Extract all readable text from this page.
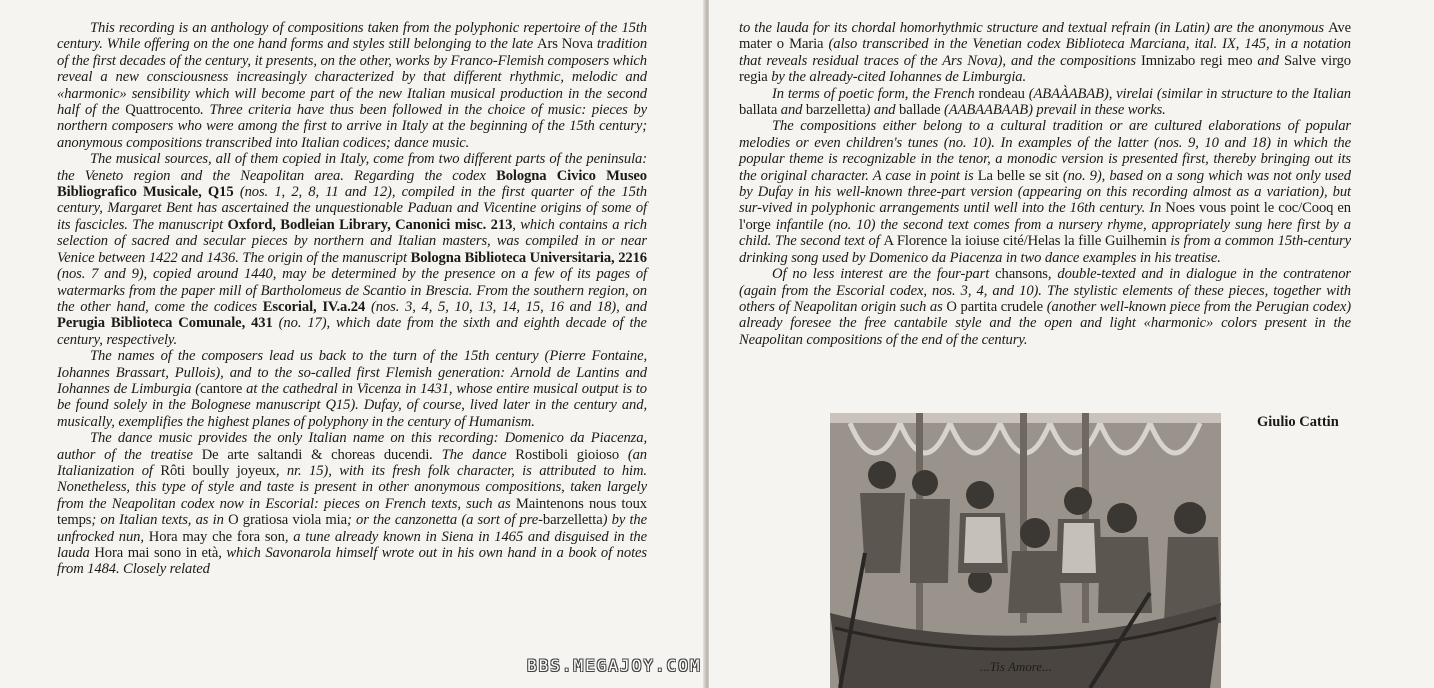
This recording is an anthology of compositions taken from the polyphonic repertoire of the 15th century. While offering on the one hand forms and styles still belonging to the late Ars Nova tradition of the first decades of the century, it presents, on the other, works by Franco-Flemish composers which reveal a new consciousness increasingly characterized by that different rhythmic, melodic and «harmonic» sensibility which will become part of the new Italian musical production in the second half of the Quattrocento. Three criteria have thus been followed in the choice of music: pieces by northern composers who were among the first to arrive in Italy at the beginning of the 15th century; anonymous compositions transcribed into Italian codices; dance music.

The musical sources, all of them copied in Italy, come from two different parts of the peninsula: the Veneto region and the Neapolitan area. Regarding the codex Bologna Civico Museo Bibliografico Musicale, Q15 (nos. 1, 2, 8, 11 and 12), compiled in the first quarter of the 15th century, Margaret Bent has ascertained the unquestionable Paduan and Vicentine origins of some of its fascicles. The manuscript Oxford, Bodleian Library, Canonici misc. 213, which contains a rich selection of sacred and secular pieces by northern and Italian masters, was compiled in or near Venice between 1422 and 1436. The origin of the manuscript Bologna Biblioteca Universitaria, 2216 (nos. 7 and 9), copied around 1440, may be determined by the presence on a few of its pages of watermarks from the paper mill of Bartholomeus de Scantio in Brescia. From the southern region, on the other hand, come the codices Escorial, IV.a.24 (nos. 3, 4, 5, 10, 13, 14, 15, 16 and 18), and Perugia Biblioteca Comunale, 431 (no. 17), which date from the sixth and eighth decade of the century, respectively.

The names of the composers lead us back to the turn of the 15th century (Pierre Fontaine, Iohannes Brassart, Pullois), and to the so-called first Flemish generation: Arnold de Lantins and Iohannes de Limburgia (cantore at the cathedral in Vicenza in 1431, whose entire musical output is to be found solely in the Bolognese manuscript Q15). Dufay, of course, lived later in the century and, musically, exemplifies the highest planes of polyphony in the century of Humanism.

The dance music provides the only Italian name on this recording: Domenico da Piacenza, author of the treatise De arte saltandi & choreas ducendi. The dance Rostiboli gioioso (an Italianization of Rôti boully joyeux, nr. 15), with its fresh folk character, is attributed to him. Nonetheless, this type of style and taste is present in other anonymous compositions, taken largely from the Neapolitan codex now in Escorial: pieces on French texts, such as Maintenons nous toux temps; on Italian texts, as in O gratiosa viola mia; or the canzonetta (a sort of pre-barzelletta) by the unfrocked nun, Hora may che fora son, a tune already known in Siena in 1465 and disguised in the lauda Hora mai sono in età, which Savonarola himself wrote out in his own hand in a book of notes from 1484. Closely related

to the lauda for its chordal homorhythmic structure and textual refrain (in Latin) are the anonymous Ave mater o Maria (also transcribed in the Venetian codex Biblioteca Marciana, ital. IX, 145, in a notation that reveals residual traces of the Ars Nova), and the compositions Imnizabo regi meo and Salve virgo regia by the already-cited Iohannes de Limburgia.

In terms of poetic form, the French rondeau (ABAÀABAB), virelai (similar in structure to the Italian ballata and barzelletta) and ballade (AABAABAAB) prevail in these works.

The compositions either belong to a cultural tradition or are cultured elaborations of popular melodies or even children's tunes (no. 10). In examples of the latter (nos. 9, 10 and 18) in which the popular theme is recognizable in the tenor, a monodic version is presented first, thereby bringing out its the original character. A case in point is La belle se sit (no. 9), based on a song which was not only used by Dufay in his well-known three-part version (appearing on this recording almost as a variation), but sur-vived in polyphonic arrangements until well into the 16th century. In Noes vous point le coc/Cooq en l'orge infantile (no. 10) the second text comes from a nursery rhyme, appropriately sung here first by a child. The second text of A Florence la ioiuse cité/Helas la fille Guilhemin is from a common 15th-century drinking song used by Domenico da Piacenza in two dance examples in his treatise.

Of no less interest are the four-part chansons, double-texted and in dialogue in the contratenor (again from the Escorial codex, nos. 3, 4, and 10). The stylistic elements of these pieces, together with others of Neapolitan origin such as O partita crudele (another well-known piece from the Perugian codex) already foresee the free cantabile style and the open and light «harmonic» colors present in the Neapolitan compositions of the end of the century.

...Tis Amore...
Giulio Cattin
BBS.MEGAJOY.COM
